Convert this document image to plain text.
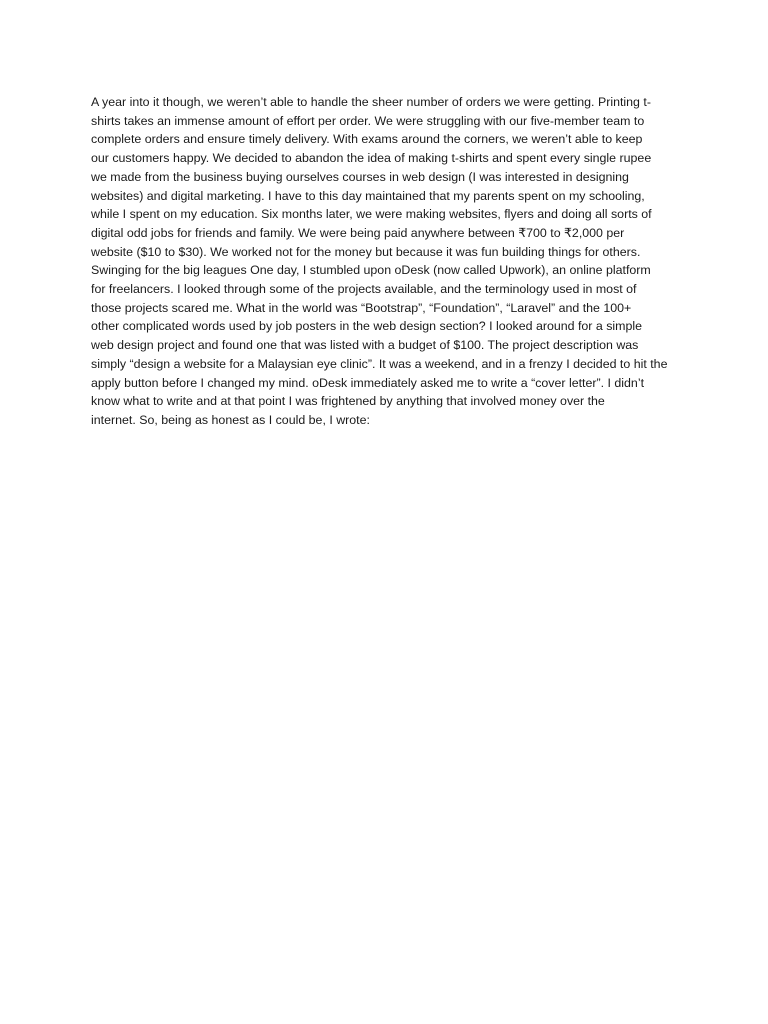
A year into it though, we weren’t able to handle the sheer number of orders we were getting. Printing t-
shirts takes an immense amount of effort per order. We were struggling with our five-member team to
complete orders and ensure timely delivery. With exams around the corners, we weren’t able to keep
our customers happy. We decided to abandon the idea of making t-shirts and spent every single rupee
we made from the business buying ourselves courses in web design (I was interested in designing
websites) and digital marketing. I have to this day maintained that my parents spent on my schooling,
while I spent on my education. Six months later, we were making websites, flyers and doing all sorts of
digital odd jobs for friends and family. We were being paid anywhere between ₹700 to ₹2,000 per
website ($10 to $30). We worked not for the money but because it was fun building things for others.
Swinging for the big leagues One day, I stumbled upon oDesk (now called Upwork), an online platform
for freelancers. I looked through some of the projects available, and the terminology used in most of
those projects scared me. What in the world was “Bootstrap”, “Foundation”, “Laravel” and the 100+
other complicated words used by job posters in the web design section? I looked around for a simple
web design project and found one that was listed with a budget of $100. The project description was
simply “design a website for a Malaysian eye clinic”. It was a weekend, and in a frenzy I decided to hit the
apply button before I changed my mind. oDesk immediately asked me to write a “cover letter”. I didn’t
know what to write and at that point I was frightened by anything that involved money over the
internet. So, being as honest as I could be, I wrote:
